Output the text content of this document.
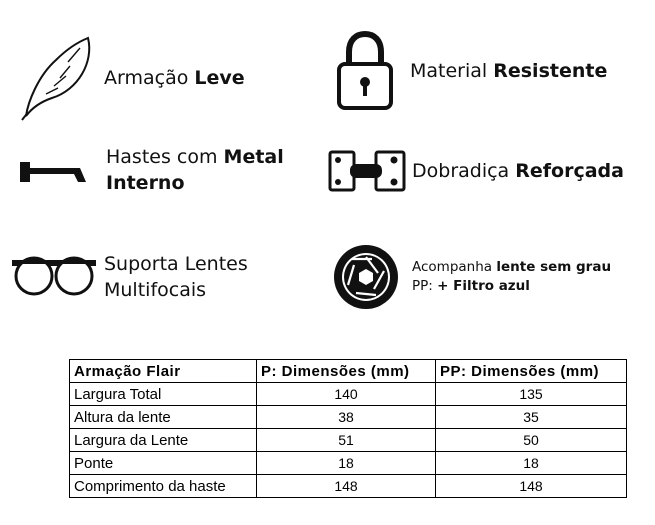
Armação Leve	Material Resistente
Hastes com Metal
Interno
Dobradiça Reforçada
Suporta Lentes
Multifocais
Acompanha lente sem grau
PP: + Filtro azul
Armação Flair	P: Dimensões (mm)	PP: Dimensões (mm)
Largura Total	140	135
Altura da lente	38	35
Largura da Lente	51	50
Ponte	18	18
Comprimento da haste	148	148
